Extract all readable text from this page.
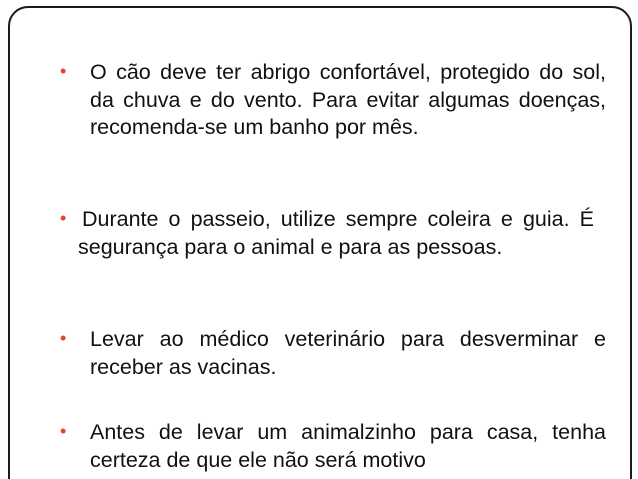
• O cão deve ter abrigo confortável, protegido do sol, da chuva e do vento. Para evitar algumas doenças, recomenda-se um banho por mês.
• Durante o passeio, utilize sempre coleira e guia. É segurança para o animal e para as pessoas.
• Levar ao médico veterinário para desverminar e receber as vacinas.
• Antes de levar um animalzinho para casa, tenha certeza de que ele não será motivo
